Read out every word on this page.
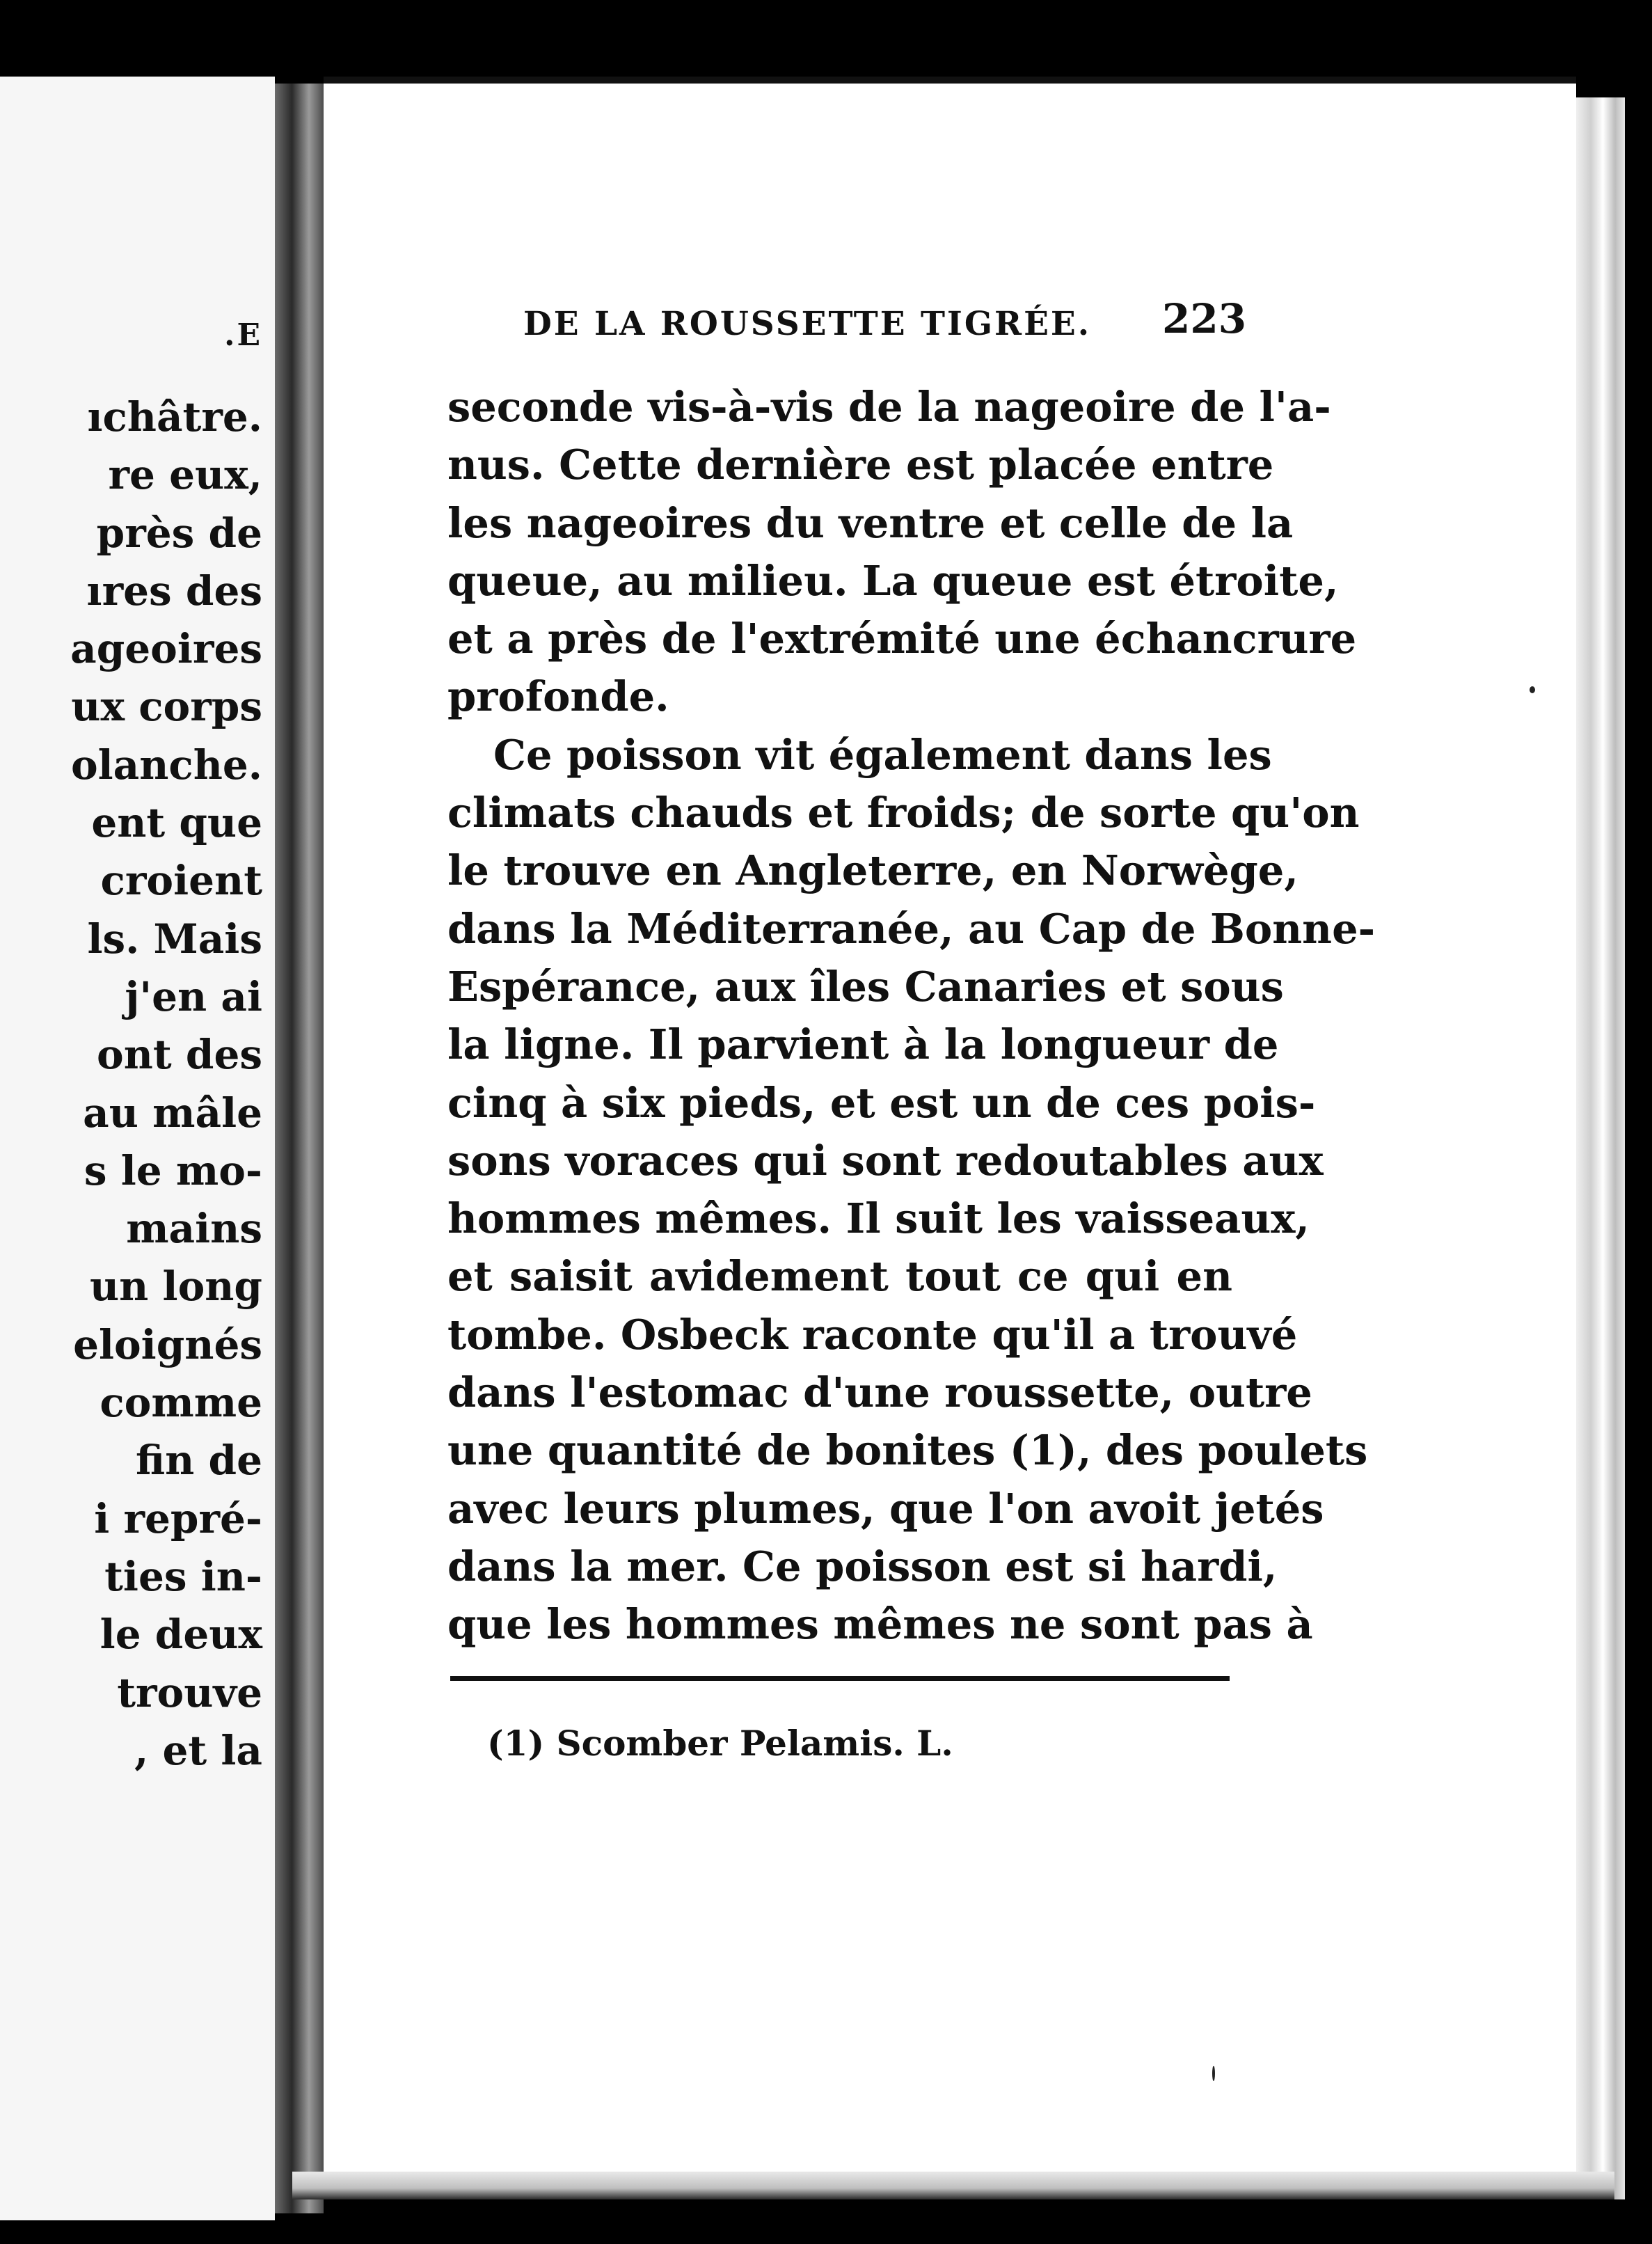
.E
ıchâtre.
re eux,
près de
ıres des
ageoires
ux corps
olanche.
ent que
croient
ls. Mais
j'en ai
ont des
au mâle
s le mo-
mains
un long
eloignés
comme
fin de
i repré-
ties in-
le deux
trouve
, et la
DE LA ROUSSETTE TIGRÉE.	223
seconde vis-à-vis de la nageoire de l'a-
nus. Cette dernière est placée entre
les nageoires du ventre et celle de la
queue, au milieu. La queue est étroite,
et a près de l'extrémité une échancrure
profonde.
Ce poisson vit également dans les
climats chauds et froids; de sorte qu'on
le trouve en Angleterre, en Norwège,
dans la Méditerranée, au Cap de Bonne-
Espérance, aux îles Canaries et sous
la ligne. Il parvient à la longueur de
cinq à six pieds, et est un de ces pois-
sons voraces qui sont redoutables aux
hommes mêmes. Il suit les vaisseaux,
et saisit avidement tout ce qui en
tombe. Osbeck raconte qu'il a trouvé
dans l'estomac d'une roussette, outre
une quantité de bonites (1), des poulets
avec leurs plumes, que l'on avoit jetés
dans la mer. Ce poisson est si hardi,
que les hommes mêmes ne sont pas à
(1) Scomber Pelamis. L.
